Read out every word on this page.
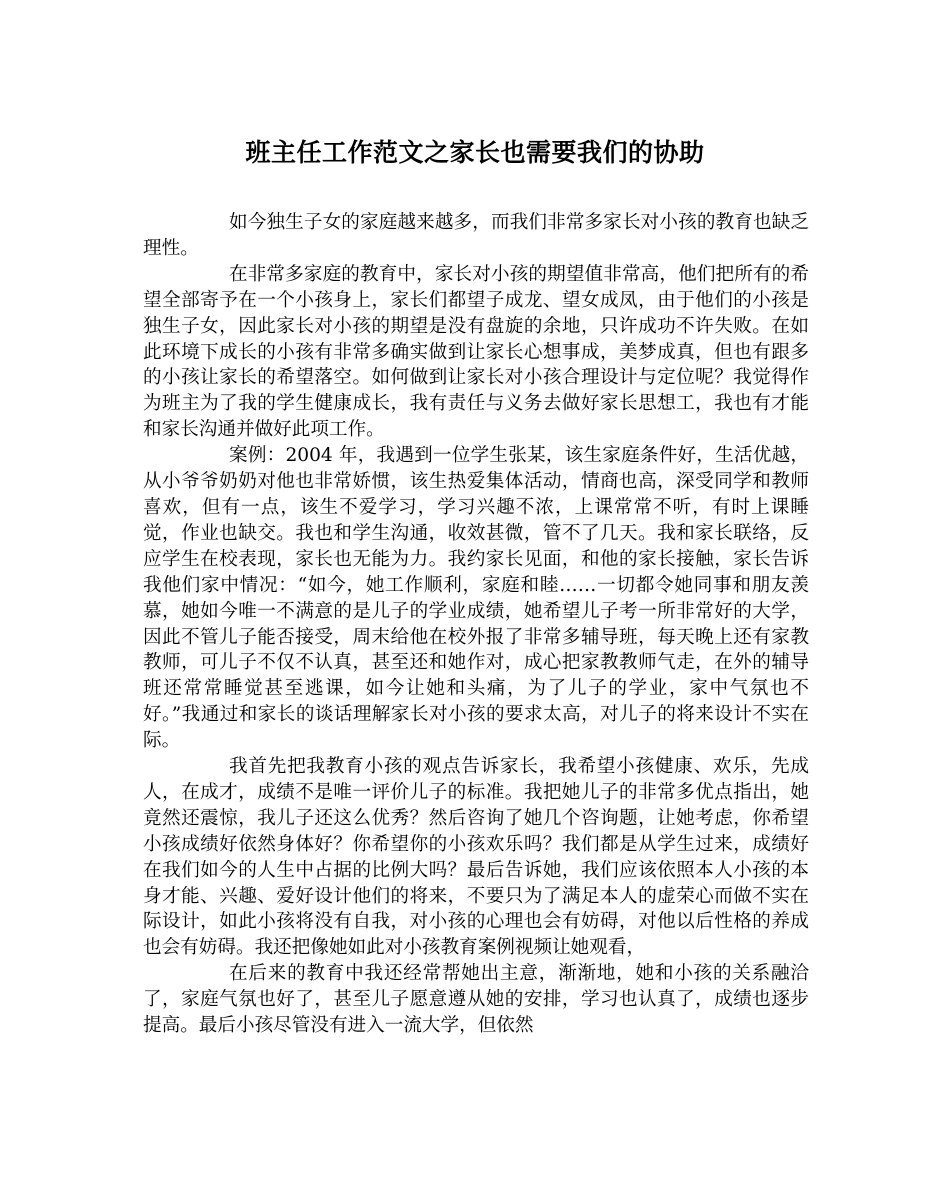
班主任工作范文之家长也需要我们的协助

如今独生子女的家庭越来越多，而我们非常多家长对小孩的教育也缺乏理性。

在非常多家庭的教育中，家长对小孩的期望值非常高，他们把所有的希望全部寄予在一个小孩身上，家长们都望子成龙、望女成凤，由于他们的小孩是独生子女，因此家长对小孩的期望是没有盘旋的余地，只许成功不许失败。在如此环境下成长的小孩有非常多确实做到让家长心想事成，美梦成真，但也有跟多的小孩让家长的希望落空。如何做到让家长对小孩合理设计与定位呢？我觉得作为班主为了我的学生健康成长，我有责任与义务去做好家长思想工，我也有才能和家长沟通并做好此项工作。

案例：2004 年，我遇到一位学生张某，该生家庭条件好，生活优越，从小爷爷奶奶对他也非常娇惯，该生热爱集体活动，情商也高，深受同学和教师喜欢，但有一点，该生不爱学习，学习兴趣不浓，上课常常不听，有时上课睡觉，作业也缺交。我也和学生沟通，收效甚微，管不了几天。我和家长联络，反应学生在校表现，家长也无能为力。我约家长见面，和他的家长接触，家长告诉我他们家中情况：“如今，她工作顺利，家庭和睦……一切都令她同事和朋友羡慕，她如今唯一不满意的是儿子的学业成绩，她希望儿子考一所非常好的大学，因此不管儿子能否接受，周末给他在校外报了非常多辅导班，每天晚上还有家教教师，可儿子不仅不认真，甚至还和她作对，成心把家教教师气走，在外的辅导班还常常睡觉甚至逃课，如今让她和头痛，为了儿子的学业，家中气氛也不好。”我通过和家长的谈话理解家长对小孩的要求太高，对儿子的将来设计不实在际。

我首先把我教育小孩的观点告诉家长，我希望小孩健康、欢乐，先成人，在成才，成绩不是唯一评价儿子的标准。我把她儿子的非常多优点指出，她竟然还震惊，我儿子还这么优秀？然后咨询了她几个咨询题，让她考虑，你希望小孩成绩好依然身体好？你希望你的小孩欢乐吗？我们都是从学生过来，成绩好在我们如今的人生中占据的比例大吗？最后告诉她，我们应该依照本人小孩的本身才能、兴趣、爱好设计他们的将来，不要只为了满足本人的虚荣心而做不实在际设计，如此小孩将没有自我，对小孩的心理也会有妨碍，对他以后性格的养成也会有妨碍。我还把像她如此对小孩教育案例视频让她观看，

在后来的教育中我还经常帮她出主意，渐渐地，她和小孩的关系融洽了，家庭气氛也好了，甚至儿子愿意遵从她的安排，学习也认真了，成绩也逐步提高。最后小孩尽管没有进入一流大学，但依然
